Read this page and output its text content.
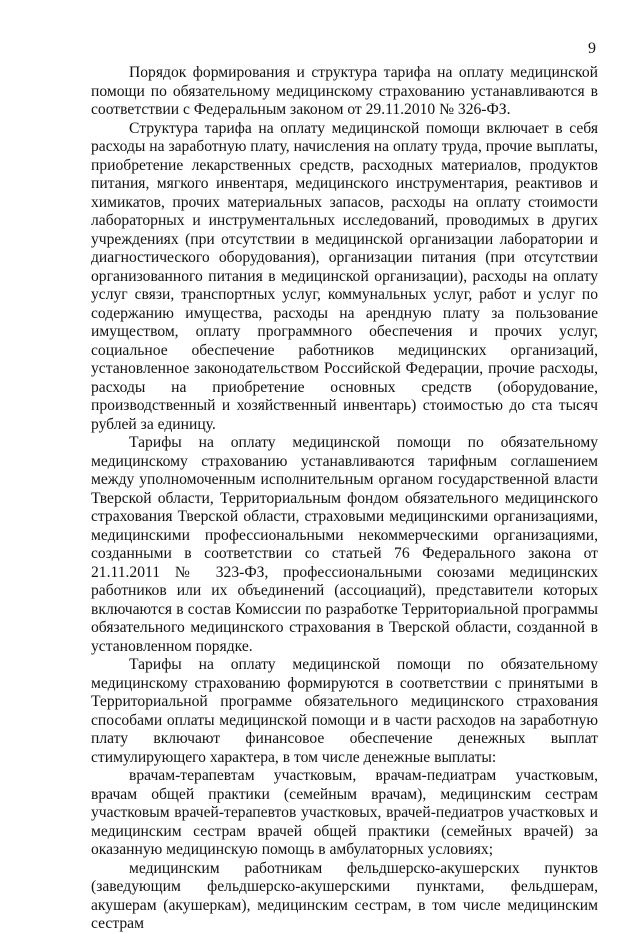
9

Порядок формирования и структура тарифа на оплату медицинской помощи по обязательному медицинскому страхованию устанавливаются в соответствии с Федеральным законом от 29.11.2010 № 326-ФЗ.

Структура тарифа на оплату медицинской помощи включает в себя расходы на заработную плату, начисления на оплату труда, прочие выплаты, приобретение лекарственных средств, расходных материалов, продуктов питания, мягкого инвентаря, медицинского инструментария, реактивов и химикатов, прочих материальных запасов, расходы на оплату стоимости лабораторных и инструментальных исследований, проводимых в других учреждениях (при отсутствии в медицинской организации лаборатории и диагностического оборудования), организации питания (при отсутствии организованного питания в медицинской организации), расходы на оплату услуг связи, транспортных услуг, коммунальных услуг, работ и услуг по содержанию имущества, расходы на арендную плату за пользование имуществом, оплату программного обеспечения и прочих услуг, социальное обеспечение работников медицинских организаций, установленное законодательством Российской Федерации, прочие расходы, расходы на приобретение основных средств (оборудование, производственный и хозяйственный инвентарь) стоимостью до ста тысяч рублей за единицу.

Тарифы на оплату медицинской помощи по обязательному медицинскому страхованию устанавливаются тарифным соглашением между уполномоченным исполнительным органом государственной власти Тверской области, Территориальным фондом обязательного медицинского страхования Тверской области, страховыми медицинскими организациями, медицинскими профессиональными некоммерческими организациями, созданными в соответствии со статьей 76 Федерального закона от 21.11.2011 № 323-ФЗ, профессиональными союзами медицинских работников или их объединений (ассоциаций), представители которых включаются в состав Комиссии по разработке Территориальной программы обязательного медицинского страхования в Тверской области, созданной в установленном порядке.

Тарифы на оплату медицинской помощи по обязательному медицинскому страхованию формируются в соответствии с принятыми в Территориальной программе обязательного медицинского страхования способами оплаты медицинской помощи и в части расходов на заработную плату включают финансовое обеспечение денежных выплат стимулирующего характера, в том числе денежные выплаты:

врачам-терапевтам участковым, врачам-педиатрам участковым, врачам общей практики (семейным врачам), медицинским сестрам участковым врачей-терапевтов участковых, врачей-педиатров участковых и медицинским сестрам врачей общей практики (семейных врачей) за оказанную медицинскую помощь в амбулаторных условиях;

медицинским работникам фельдшерско-акушерских пунктов (заведующим фельдшерско-акушерскими пунктами, фельдшерам, акушерам (акушеркам), медицинским сестрам, в том числе медицинским сестрам
